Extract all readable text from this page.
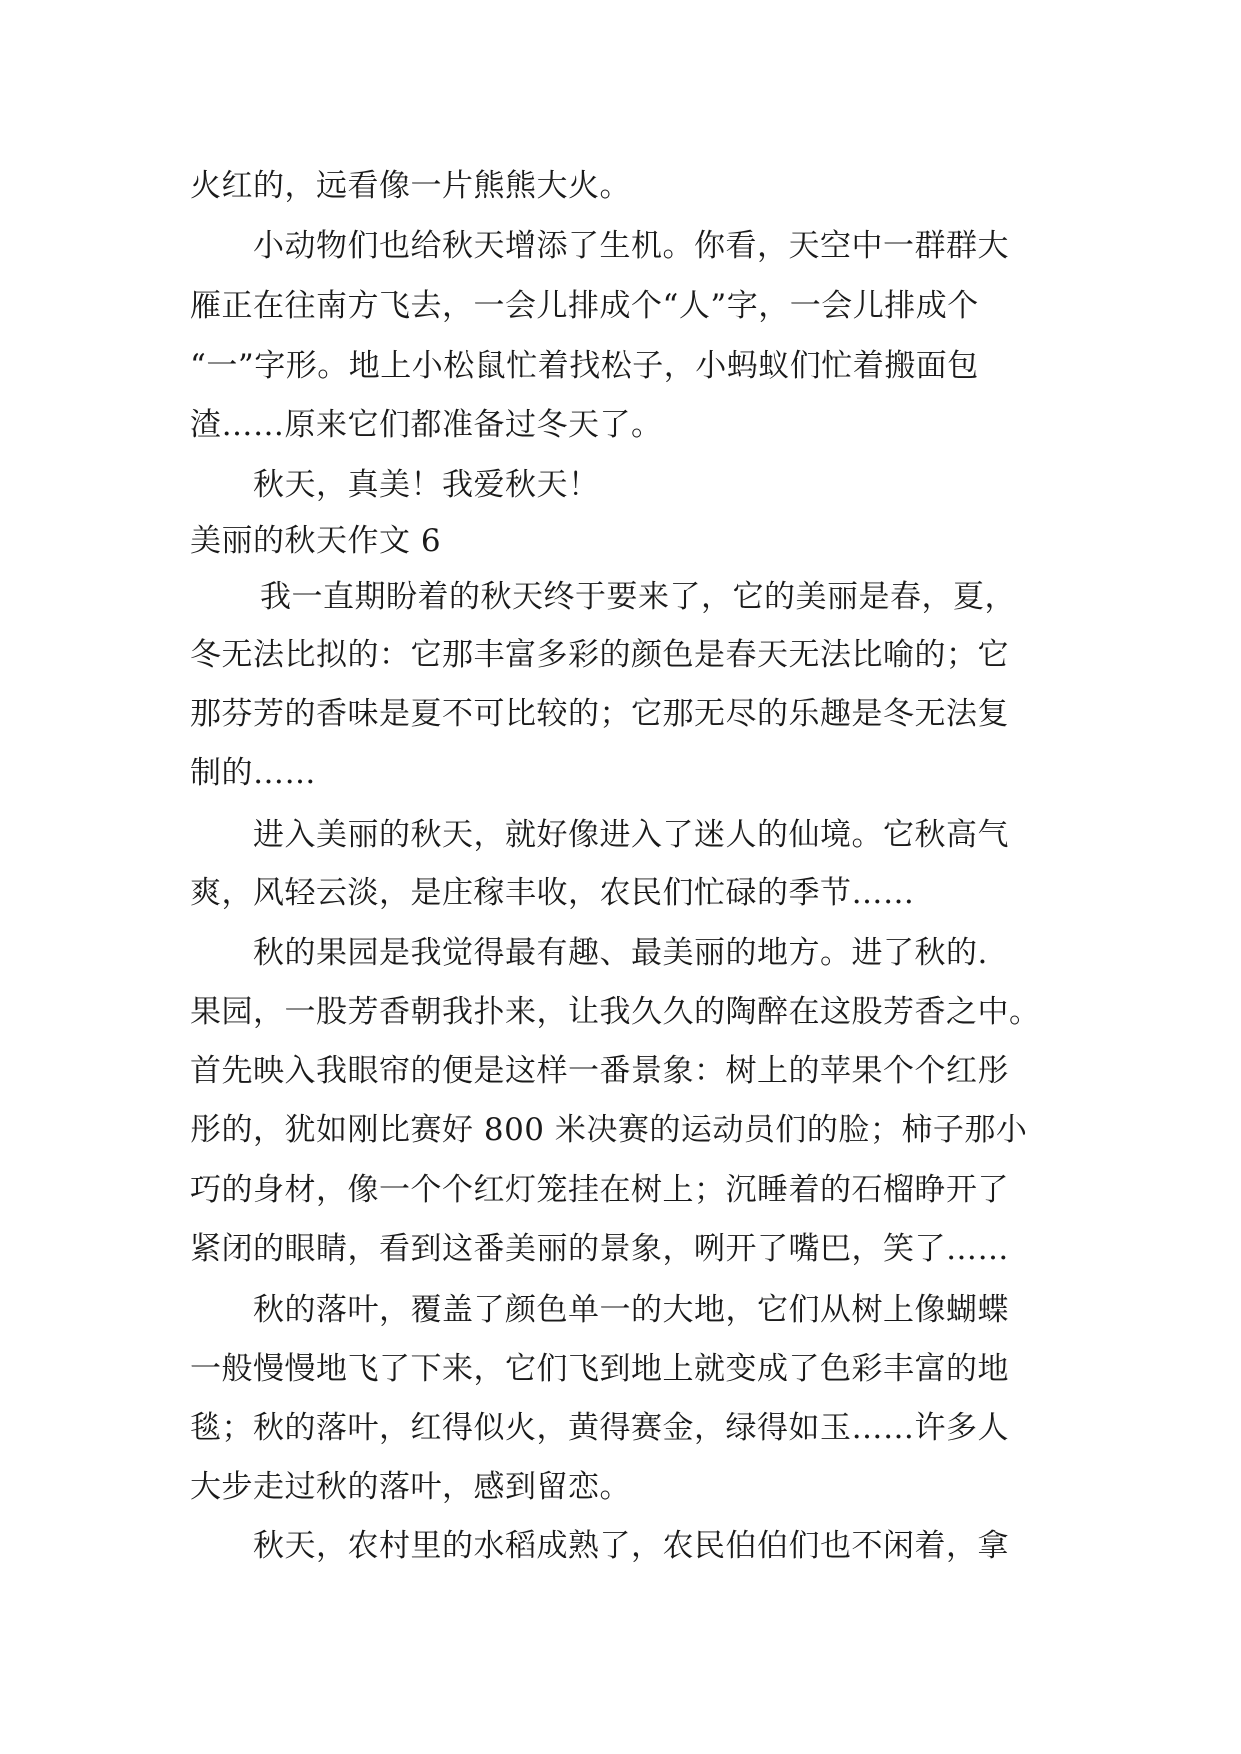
火红的，远看像一片熊熊大火。
小动物们也给秋天增添了生机。你看，天空中一群群大
雁正在往南方飞去，一会儿排成个“人”字，一会儿排成个
“一”字形。地上小松鼠忙着找松子，小蚂蚁们忙着搬面包
渣……原来它们都准备过冬天了。
秋天，真美！我爱秋天！
美丽的秋天作文 6
我一直期盼着的秋天终于要来了，它的美丽是春，夏，
冬无法比拟的：它那丰富多彩的颜色是春天无法比喻的；它
那芬芳的香味是夏不可比较的；它那无尽的乐趣是冬无法复
制的……
进入美丽的秋天，就好像进入了迷人的仙境。它秋高气
爽，风轻云淡，是庄稼丰收，农民们忙碌的季节……
秋的果园是我觉得最有趣、最美丽的地方。进了秋的.
果园，一股芳香朝我扑来，让我久久的陶醉在这股芳香之中。
首先映入我眼帘的便是这样一番景象：树上的苹果个个红彤
彤的，犹如刚比赛好 800 米决赛的运动员们的脸；柿子那小
巧的身材，像一个个红灯笼挂在树上；沉睡着的石榴睁开了
紧闭的眼睛，看到这番美丽的景象，咧开了嘴巴，笑了……
秋的落叶，覆盖了颜色单一的大地，它们从树上像蝴蝶
一般慢慢地飞了下来，它们飞到地上就变成了色彩丰富的地
毯；秋的落叶，红得似火，黄得赛金，绿得如玉……许多人
大步走过秋的落叶，感到留恋。
秋天，农村里的水稻成熟了，农民伯伯们也不闲着，拿
